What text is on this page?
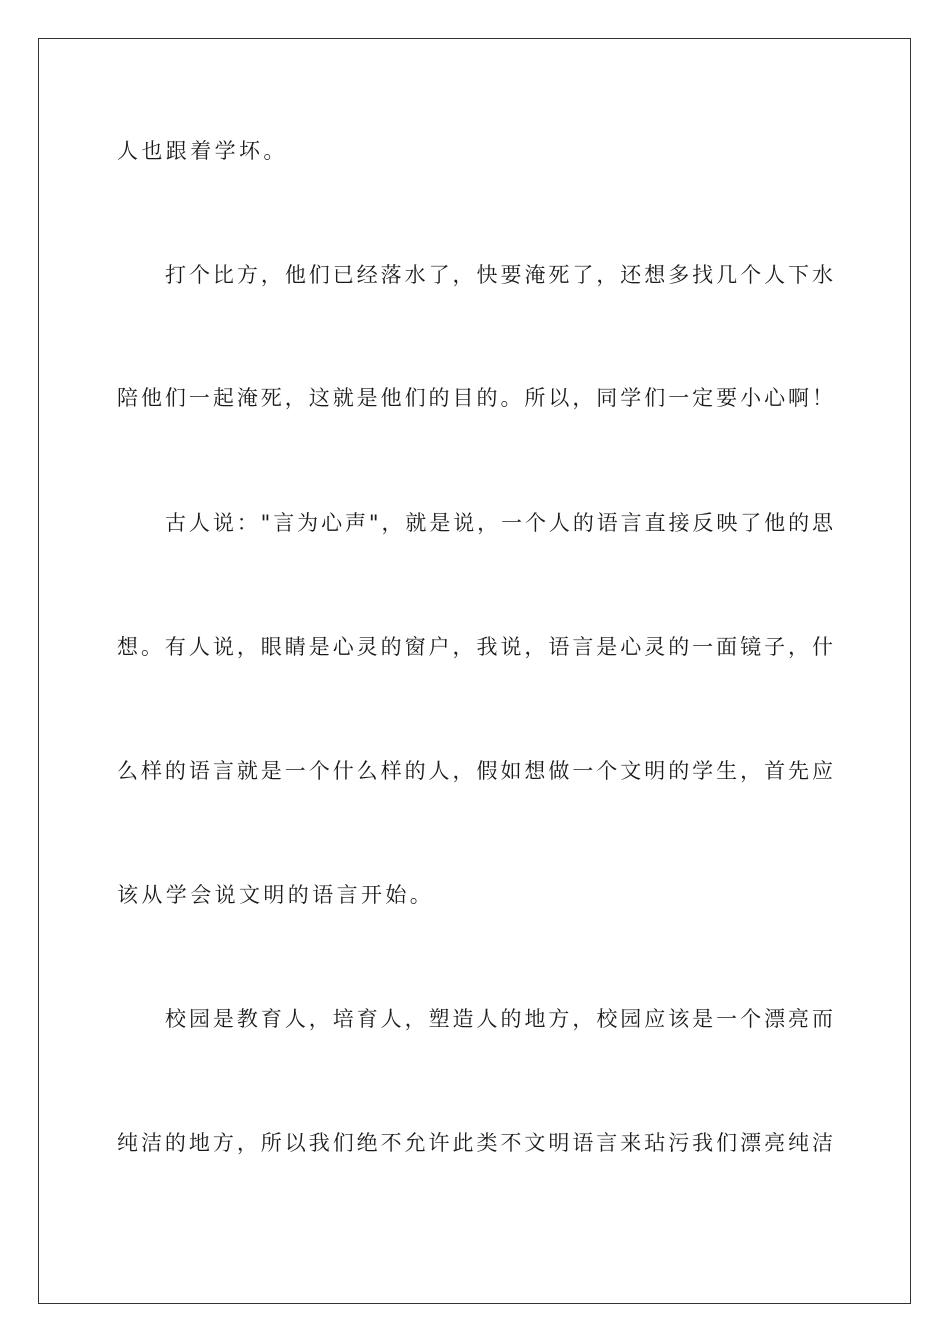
人也跟着学坏。
打个比方，他们已经落水了，快要淹死了，还想多找几个人下水
陪他们一起淹死，这就是他们的目的。所以，同学们一定要小心啊！
古人说："言为心声"，就是说，一个人的语言直接反映了他的思
想。有人说，眼睛是心灵的窗户，我说，语言是心灵的一面镜子，什
么样的语言就是一个什么样的人，假如想做一个文明的学生，首先应
该从学会说文明的语言开始。
校园是教育人，培育人，塑造人的地方，校园应该是一个漂亮而
纯洁的地方，所以我们绝不允许此类不文明语言来玷污我们漂亮纯洁
